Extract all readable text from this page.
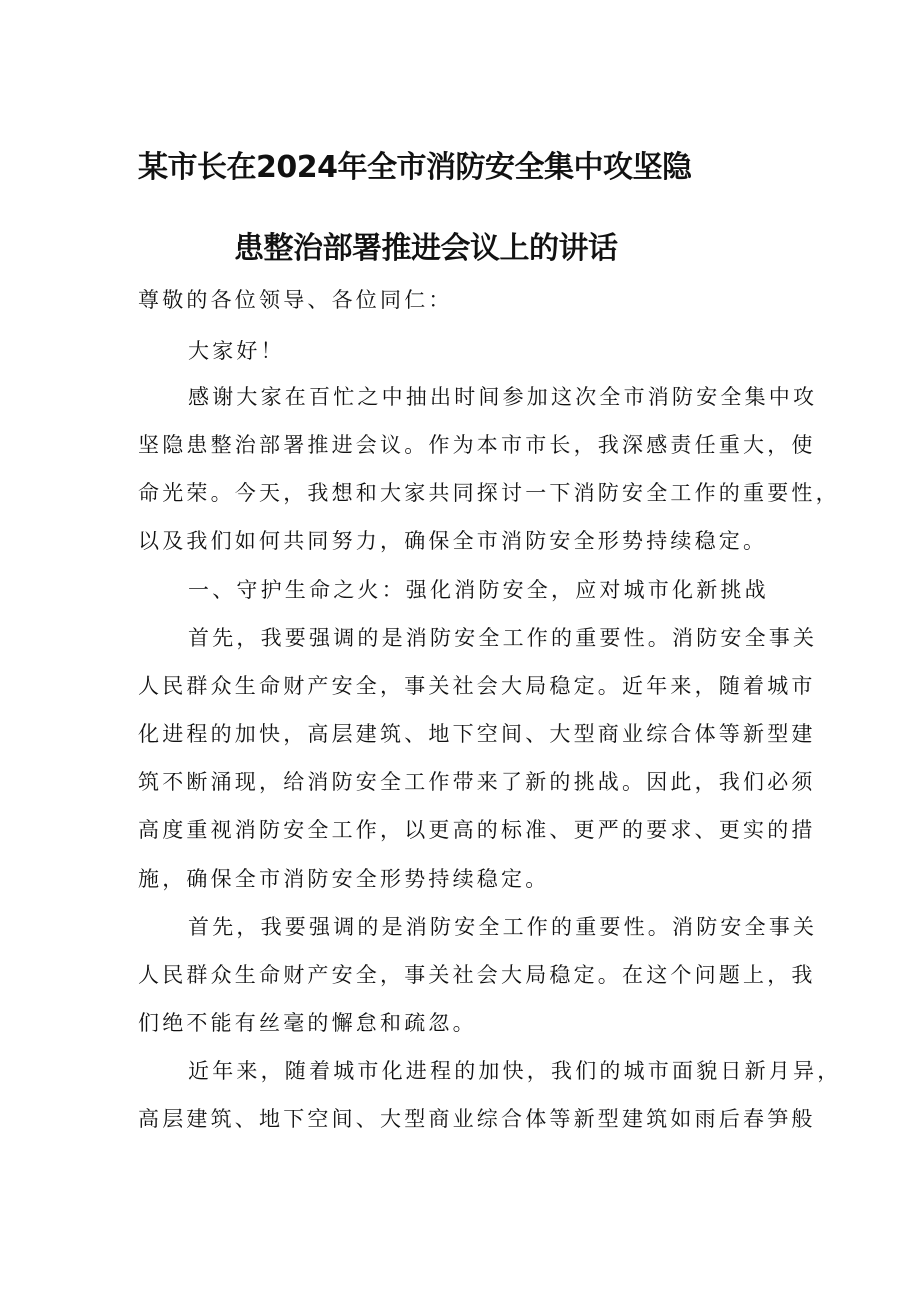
某市长在2024年全市消防安全集中攻坚隐
患整治部署推进会议上的讲话
尊敬的各位领导、各位同仁：
大家好！
感谢大家在百忙之中抽出时间参加这次全市消防安全集中攻
坚隐患整治部署推进会议。作为本市市长，我深感责任重大，使
命光荣。今天，我想和大家共同探讨一下消防安全工作的重要性，
以及我们如何共同努力，确保全市消防安全形势持续稳定。
一、守护生命之火：强化消防安全，应对城市化新挑战
首先，我要强调的是消防安全工作的重要性。消防安全事关
人民群众生命财产安全，事关社会大局稳定。近年来，随着城市
化进程的加快，高层建筑、地下空间、大型商业综合体等新型建
筑不断涌现，给消防安全工作带来了新的挑战。因此，我们必须
高度重视消防安全工作，以更高的标准、更严的要求、更实的措
施，确保全市消防安全形势持续稳定。
首先，我要强调的是消防安全工作的重要性。消防安全事关
人民群众生命财产安全，事关社会大局稳定。在这个问题上，我
们绝不能有丝毫的懈怠和疏忽。
近年来，随着城市化进程的加快，我们的城市面貌日新月异，
高层建筑、地下空间、大型商业综合体等新型建筑如雨后春笋般
